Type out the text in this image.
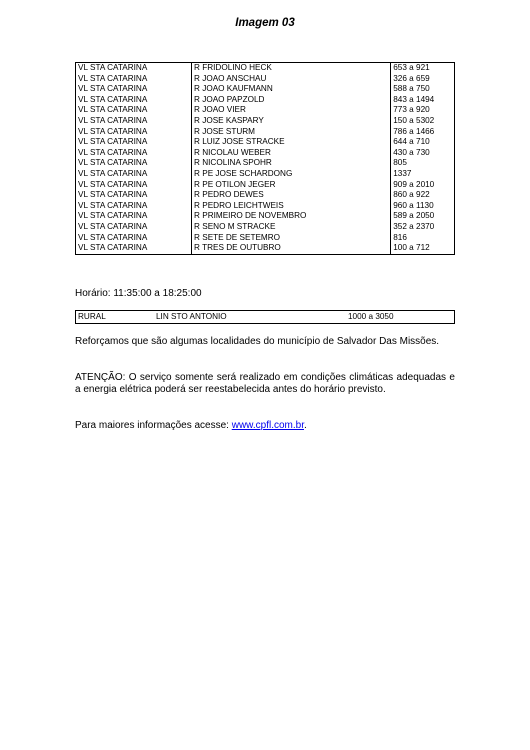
Imagem 03
VL STA CATARINA	R FRIDOLINO HECK	653 a 921
VL STA CATARINA	R JOAO ANSCHAU	326 a 659
VL STA CATARINA	R JOAO KAUFMANN	588 a 750
VL STA CATARINA	R JOAO PAPZOLD	843 a 1494
VL STA CATARINA	R JOAO VIER	773 a 920
VL STA CATARINA	R JOSE KASPARY	150 a 5302
VL STA CATARINA	R JOSE STURM	786 a 1466
VL STA CATARINA	R LUIZ JOSE STRACKE	644 a 710
VL STA CATARINA	R NICOLAU WEBER	430 a 730
VL STA CATARINA	R NICOLINA SPOHR	805
VL STA CATARINA	R PE JOSE SCHARDONG	1337
VL STA CATARINA	R PE OTILON JEGER	909 a 2010
VL STA CATARINA	R PEDRO DEWES	860 a 922
VL STA CATARINA	R PEDRO LEICHTWEIS	960 a 1130
VL STA CATARINA	R PRIMEIRO DE NOVEMBRO	589 a 2050
VL STA CATARINA	R SENO M STRACKE	352 a 2370
VL STA CATARINA	R SETE DE SETEMRO	816
VL STA CATARINA	R TRES DE OUTUBRO	100 a 712
Horário: 11:35:00 a 18:25:00
RURAL	LIN STO ANTONIO	1000 a 3050
Reforçamos que são algumas localidades do município de Salvador Das Missões.
ATENÇÃO: O serviço somente será realizado em condições climáticas adequadas e a energia elétrica poderá ser reestabelecida antes do horário previsto.
Para maiores informações acesse: www.cpfl.com.br.
